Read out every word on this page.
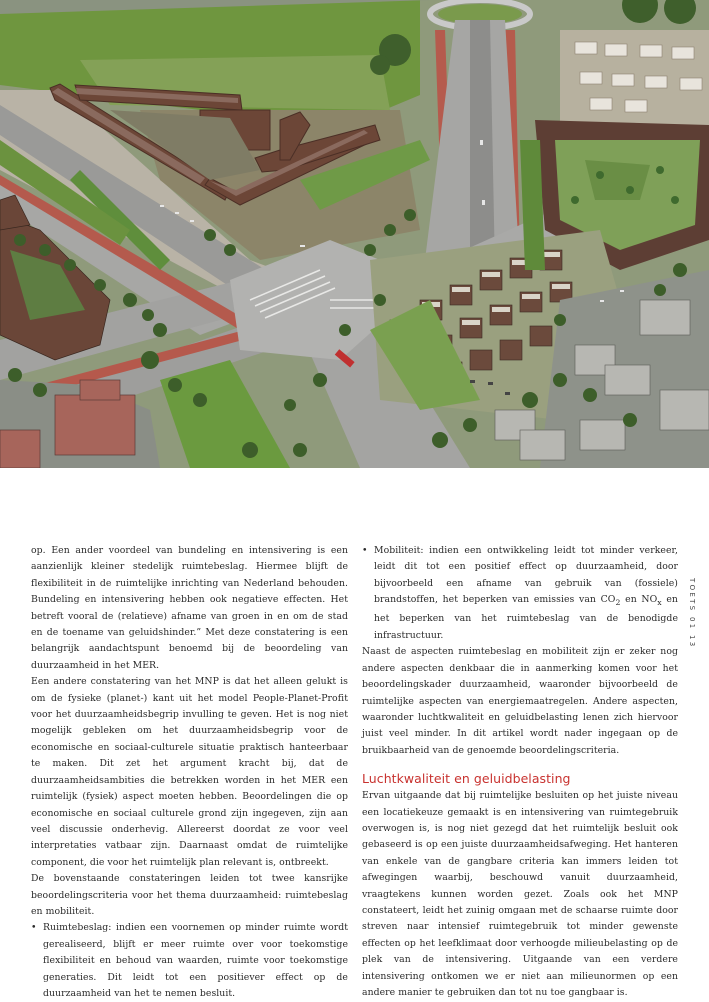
TOETS 01 13

op. Een ander voordeel van bundeling en intensivering is een aanzienlijk kleiner stedelijk ruimtebeslag. Hiermee blijft de flexibiliteit in de ruimtelijke inrichting van Nederland behouden. Bundeling en intensivering hebben ook negatieve effecten. Het betreft vooral de (relatieve) afname van groen in en om de stad en de toename van geluidshinder.” Met deze constatering is een belangrijk aandachtspunt benoemd bij de beoordeling van duurzaamheid in het MER.

Een andere constatering van het MNP is dat het alleen gelukt is om de fysieke (planet-) kant uit het model People-Planet-Profit voor het duurzaamheidsbegrip invulling te geven. Het is nog niet mogelijk gebleken om het duurzaamheidsbegrip voor de economische en sociaal-culturele situatie praktisch hanteerbaar te maken. Dit zet het argument kracht bij, dat de duurzaamheidsambities die betrekken worden in het MER een ruimtelijk (fysiek) aspect moeten hebben. Beoordelingen die op economische en sociaal culturele grond zijn ingegeven, zijn aan veel discussie onderhevig. Allereerst doordat ze voor veel interpretaties vatbaar zijn. Daarnaast omdat de ruimtelijke component, die voor het ruimtelijk plan relevant is, ontbreekt.

De bovenstaande constateringen leiden tot twee kansrijke beoordelingscriteria voor het thema duurzaamheid: ruimtebeslag en mobiliteit.

• Ruimtebeslag: indien een voornemen op minder ruimte wordt gerealiseerd, blijft er meer ruimte over voor toekomstige flexibiliteit en behoud van waarden, ruimte voor toekomstige generaties. Dit leidt tot een positiever effect op de duurzaamheid van het te nemen besluit.
• Mobiliteit: indien een ontwikkeling leidt tot minder verkeer, leidt dit tot een positief effect op duurzaamheid, door bijvoorbeeld een afname van gebruik van (fossiele) brandstoffen, het beperken van emissies van $CO_2$ en $NO_x$ en het beperken van het ruimtebeslag van de benodigde infrastructuur.

Naast de aspecten ruimtebeslag en mobiliteit zijn er zeker nog andere aspecten denkbaar die in aanmerking komen voor het beoordelingskader duurzaamheid, waaronder bijvoorbeeld de ruimtelijke aspecten van energiemaatregelen. Andere aspecten, waaronder luchtkwaliteit en geluidbelasting lenen zich hiervoor juist veel minder. In dit artikel wordt nader ingegaan op de bruikbaarheid van de genoemde beoordelingscriteria.

Luchtkwaliteit en geluidbelasting

Ervan uitgaande dat bij ruimtelijke besluiten op het juiste niveau een locatiekeuze gemaakt is en intensivering van ruimtegebruik overwogen is, is nog niet gezegd dat het ruimtelijk besluit ook gebaseerd is op een juiste duurzaamheidsafweging. Het hanteren van enkele van de gangbare criteria kan immers leiden tot afwegingen waarbij, beschouwd vanuit duurzaamheid, vraagtekens kunnen worden gezet. Zoals ook het MNP constateert, leidt het zuinig omgaan met de schaarse ruimte door streven naar intensief ruimtegebruik tot minder gewenste effecten op het leefklimaat door verhoogde milieubelasting op de plek van de intensivering. Uitgaande van een verdere intensivering ontkomen we er niet aan milieunormen op een andere manier te gebruiken dan tot nu toe gangbaar is.
